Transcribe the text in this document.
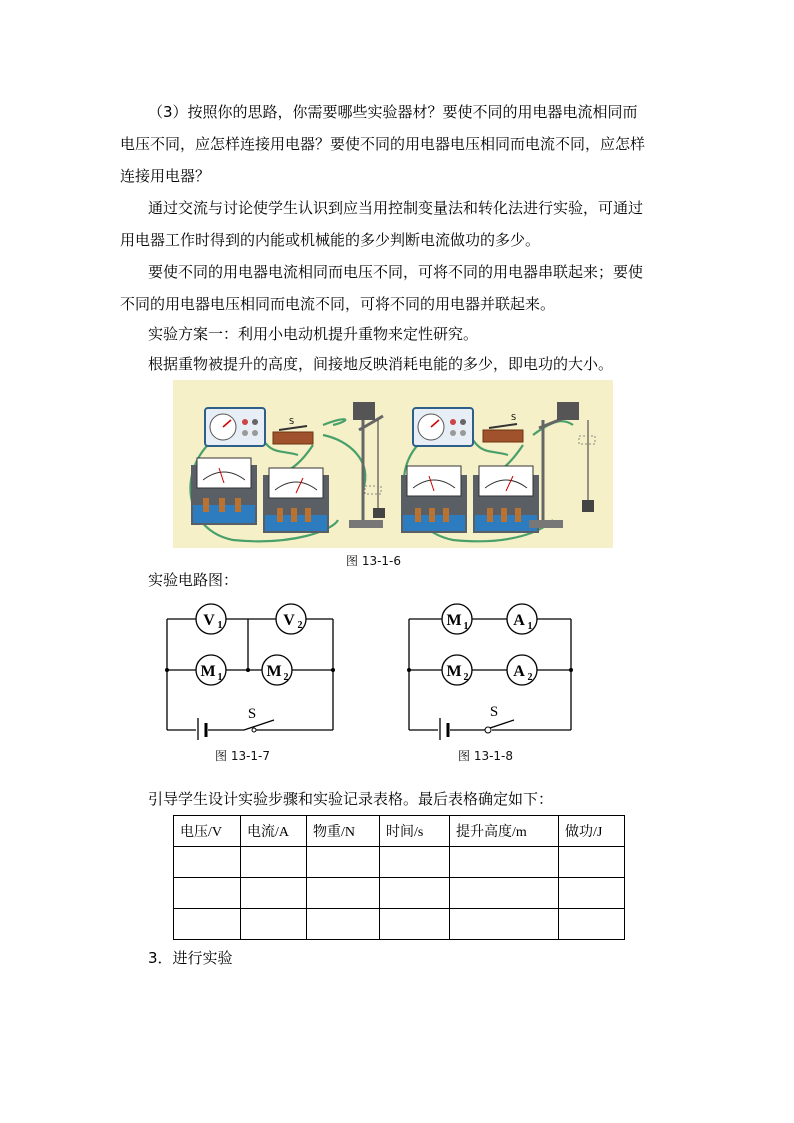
（3）按照你的思路，你需要哪些实验器材？要使不同的用电器电流相同而

电压不同，应怎样连接用电器？要使不同的用电器电压相同而电流不同，应怎样

连接用电器？

通过交流与讨论使学生认识到应当用控制变量法和转化法进行实验，可通过

用电器工作时得到的内能或机械能的多少判断电流做功的多少。

要使不同的用电器电流相同而电压不同，可将不同的用电器串联起来；要使

不同的用电器电压相同而电流不同，可将不同的用电器并联起来。

实验方案一：利用小电动机提升重物来定性研究。

根据重物被提升的高度，间接地反映消耗电能的多少，即电功的大小。

S	S
图 13-1-6

实验电路图：

V 1	V 2
M 1	M 2
S
图 13-1-7
M 1	A 1
M 2	A 2
S
图 13-1-8

引导学生设计实验步骤和实验记录表格。最后表格确定如下：

电压/V	电流/A	物重/N	时间/s	提升高度/m	做功/J

3．进行实验
